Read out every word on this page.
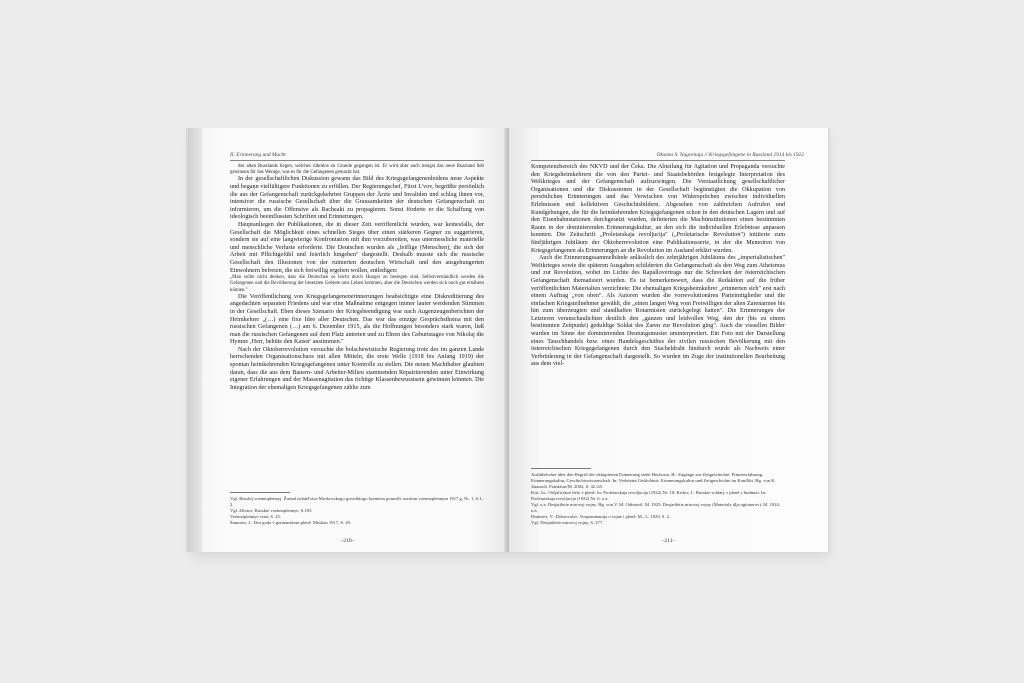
II. Erinnerung und Macht

des alten Russlands liegen, welches rühmlos zu Grunde gegangen ist. Er wird aber auch innigst das neue Russland lieb gewinnen für das Wenige, was es für die Gefangenen gemacht hat.

In der gesellschaftlichen Diskussion gewann das Bild des Kriegsgefangenenleidens neue Aspekte und begann vielfältigere Funktionen zu erfüllen. Der Regierungschef, Fürst L'vov, begrüßte persönlich die aus der Gefangenschaft zurückgekehrten Gruppen der Ärzte und Invaliden und schlug ihnen vor, intensiver die russische Gesellschaft über die Grausamkeiten der deutschen Gefangenschaft zu informieren, um die Offensive als Racheakt zu propagieren. Sonst förderte er die Schaffung von ideologisch beeinflussten Schriften und Erinnerungen.

Hauptanliegen der Publikationen, die in dieser Zeit veröffentlicht wurden, war keinesfalls, der Gesellschaft die Möglichkeit eines schnellen Sieges über einen stärkeren Gegner zu suggerieren, sondern sie auf eine langwierige Konfrontation mit ihm vorzubereiten, was unermessliche materielle und menschliche Verluste erforderte. Die Deutschen wurden als „feiflige (Menschen), die sich der Arbeit mit Pflichtgefühl und feierlich hingeben" dargestellt. Deshalb musste sich die russische Gesellschaft den Illusionen von der ruinierten deutschen Wirtschaft und den ausgehungerten Einwohnern befreien, die sich freiwillig ergeben wollen, entledigen:

„Man sollte nicht denken, dass die Deutschen so leicht durch Hunger zu besiegen sind. Selbstverständlich werden die Gefangenen und die Bevölkerung der besetzten Gebiete ums Leben kommen, aber die Deutschen werden sich noch gut ernähren können."

Die Veröffentlichung von Kriegsgefangenenerinnerungen beabsichtigte eine Diskreditierung des angedachten separaten Friedens und war eine Maßnahme entgegen immer lauter werdenden Stimmen in der Gesellschaft. Eben dieses Szenario der Kriegsbeendigung war nach Augenzeugenberichten der Heimkehrer „(…) eine fixe Idee aller Deutschen. Das war das einzige Gesprächsthema mit den russischen Gefangenen (…) am 6. Dezember 1915, als die Hoffnungen besonders stark waren, ließ man die russischen Gefangenen auf dem Platz antreten und zu Ehren des Geburtstages von Nikolaj die Hymne ‚Herr, behüte den Kaiser' anstimmen."

Nach der Oktoberrevolution versuchte die bolschewistische Regierung trotz des im ganzen Lande herrschenden Organisationschaos mit allen Mitteln, die erste Welle (1918 bis Anfang 1919) der spontan heimkehrenden Kriegsgefangenen unter Kontrolle zu stellen. Die neuen Machthaber glaubten daran, dass die aus dem Bauern- und Arbeiter-Milieu stammenden Repatriierenden unter Einwirkung eigener Erfahrungen und der Massenagitation das richtige Klassenbewusstsein gewinnen könnten. Die Integration der ehemaligen Kriegsgefangenen zählte zum

Vgl. Rosskij voennoplennyj. Žurnal izdatel'stva Moskovskogo gorodskogo komiteta pomošči russkim voennoplennym 1917 g. Nr. 1, S.1–2.
Vgl. Zilotov, Russkie voennoplennye, S.105.
Voennoplennye vrati, S. 25.
Šumurin, J.: Dva goda v germanskom pleně. Moskau 1917, S. 29.
–210–
Oksana S. Nagornaja // Kriegsgefangene in Russland 1914 bis 1922

Kompetenzbereich des NKVD und der Čeka. Die Abteilung für Agitation und Propaganda versuchte den Kriegsheimkehrern die von den Partei- und Staatsbehörden festgelegte Interpretation des Weltkrieges und der Gefangenschaft aufzuzwingen. Die Verstaatlichung gesellschaftlicher Organisationen und die Diskussionen in der Gesellschaft begünstigten die Okkupation von persönlichen Erinnerungen und das Verwischen von Widersprüchen zwischen individuellen Erlebnissen und kollektiven Geschichtsbildern. Abgesehen von zahlreichen Aufrufen und Kundgebungen, die für die heimkehrenden Kriegsgefangenen schon in den deutschen Lagern und auf den Eisenbahnstationen durchgesetzt wurden, definierten die Machtinstitutionen einen bestimmten Raum in der dominierenden Erinnerungskultur, an den sich die individuellen Erlebnisse anpassen konnten. Die Zeitschrift „Proletarskaja revoljucija" („Proletarische Revolution") initiierte zum fünfjährigen Jubiläum der Oktoberrevolution eine Publikationsserie, in der die Memoiren von Kriegsgefangenen als Erinnerungen an die Revolution im Ausland erklärt wurden.

Auch die Erinnerungssammelbände anlässlich des zehnjährigen Jubiläums des „imperialistischen" Weltkrieges sowie die späteren Ausgaben schilderten die Gefangenschaft als den Weg zum Atheismus und zur Revolution, wobei im Lichte des Rapallovertrags nur die Schrecken der österreichischen Gefangenschaft thematisiert wurden. Es ist bemerkenswert, dass die Redaktion auf die früher veröffentlichten Materialien verzichtete: Die ehemaligen Kriegsheimkehrer „erinnerten sich" erst nach einem Auftrag „von oben". Als Autoren wurden die vorrevolutionären Parteimitglieder und die einfachen Kriegsteilnehmer gewählt, die „einen langen Weg vom Freiwilligen der alten Zarenarmee bis hin zum überzeugten und standhaften Rotarmisten zurückgelegt hatten". Die Erinnerungen der Letzteren veranschaulichten deutlich den „ganzen und leidvollen Weg, den der (bis zu einem bestimmten Zeitpunkt) geduldige Soldat des Zaren zur Revolution ging". Auch die visuellen Bilder wurden im Sinne der dominierenden Deutungsmuster uminterpretiert. Ein Foto mit der Darstellung eines Tauschhandels bzw. eines Handelsgeschäftes der zivilen russischen Bevölkerung mit den österreichischen Kriegsgefangenen durch den Stacheldraht hindurch wurde als Nachweis einer Verbrüderung in der Gefangenschaft dargestellt. So wurden im Zuge der institutionellen Bearbeitung aus dem viel-

Ausführlicher über den Begriff der okkupierten Erinnerung siehe Hochorin, H.: Zugänge zur Zeitgeschichte: Primärerfahrung, Erinnerungskultur, Geschichtswissenschaft. In: Verletztes Gedächtnis. Erinnerungskultur und Zeitgeschichte im Konflikt. Hg. von K. Jarausch. Frankfurt/M. 2002, S. 42–65.
Kirt, Ju.: Otčjaln'skoe delo v pleně. In: Proletarskaja revoljucija (1922) Nr. 10; Krilov, J.: Russkie soldaty v pleně v budnuzi. In: Proletarskaja revoljucija (1922) Nr. 6: o.a.
Vgl. u.a. Desjatiletie mirovoj vojny. Hg. von V. M. Odintsvil. M. 1925; Desjatiletie mirovoj vojny (Materialy dlja agitatorov). M. 1924, o.a.
Dmitriev, V.: Dobrovolac. Vospominanija o vojne i pleně. M., L. 1929, S. 2.
Vgl. Desjatiletie mirovoj vojny, S. 277.
–211–
